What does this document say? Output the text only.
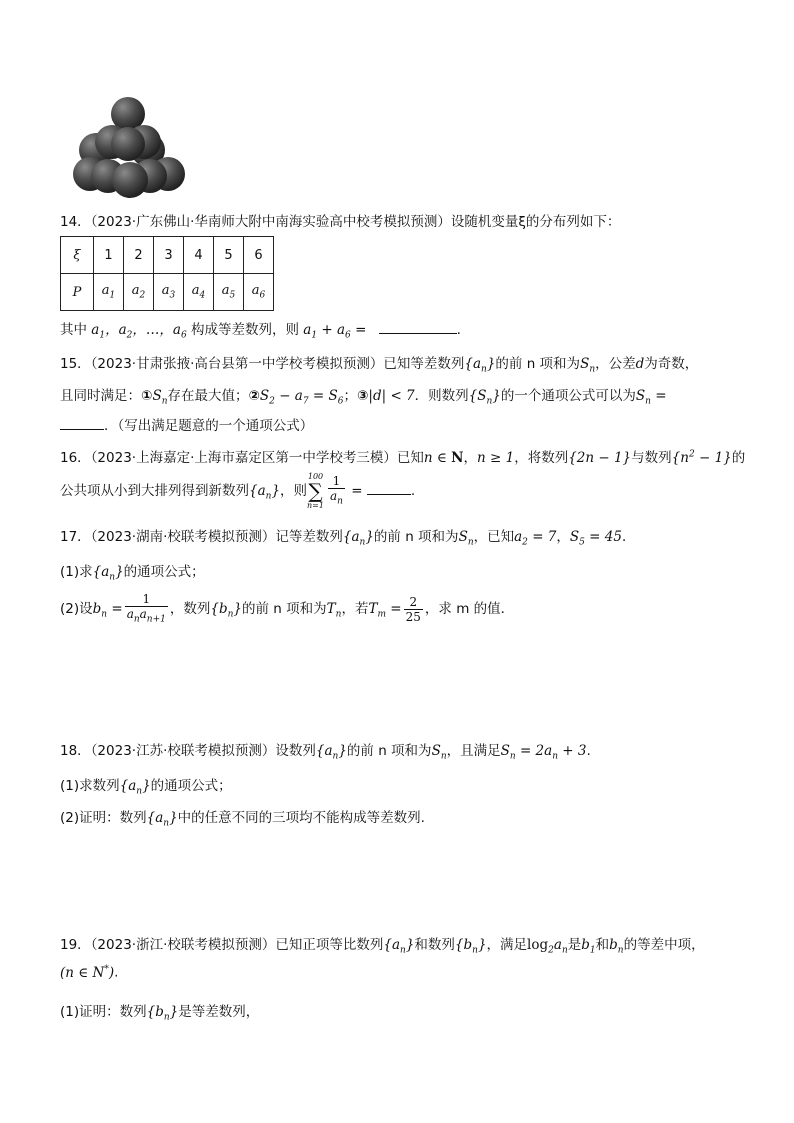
14．（2023·广东佛山·华南师大附中南海实验高中校考模拟预测）设随机变量ξ的分布列如下：
ξ	1	2	3	4	5	6
P	$a_1$	$a_2$	$a_3$	$a_4$	$a_5$	$a_6$
其中 $a_1$，$a_2$，…，$a_6$ 构成等差数列，则 $a_1 + a_6$ =	.
15．（2023·甘肃张掖·高台县第一中学校考模拟预测）已知等差数列$\{a_n\}$的前 n 项和为$S_n$，公差d为奇数，
且同时满足：$①S_n$存在最大值；$②S_2 - a_7 = S_6$；③|d| < 7．则数列$\{S_n\}$的一个通项公式可以为$S_n$ =
．（写出满足题意的一个通项公式）
16．（2023·上海嘉定·上海市嘉定区第一中学校考三模）已知n ∈ N，n ≥ 1，将数列{2n − 1}与数列$\{n^2 - 1\}$的
公共项从小到大排列得到新数列$\{a_n\}$，则
100
∑
$n=1 \frac{1}{a_n}$ =	.
17．（2023·湖南·校联考模拟预测）记等差数列$\{a_n\}$的前 n 项和为$S_n$，已知$a_2 = 7$，$S_5 = 45$．
(1)求$\{a_n\}$的通项公式；
(2)设$b_n = \frac{1}{a_na_{n+1}}$ ，数列$\{b_n\}$的前 n 项和为$T_n$，若$T_m = \frac{2}{25}$ ，求 m 的值．
18．（2023·江苏·校联考模拟预测）设数列$\{a_n\}$的前 n 项和为$S_n$，且满足$S_n = 2a_n + 3$.
(1)求数列$\{a_n\}$的通项公式；
(2)证明：数列$\{a_n\}$中的任意不同的三项均不能构成等差数列.
19．（2023·浙江·校联考模拟预测）已知正项等比数列$\{a_n\}$和数列$\{b_n\}$，满足$\log_2a_n$是$b_1$和$b_n$的等差中项，
(n ∈ N*).
(1)证明：数列$\{b_n\}$是等差数列，
